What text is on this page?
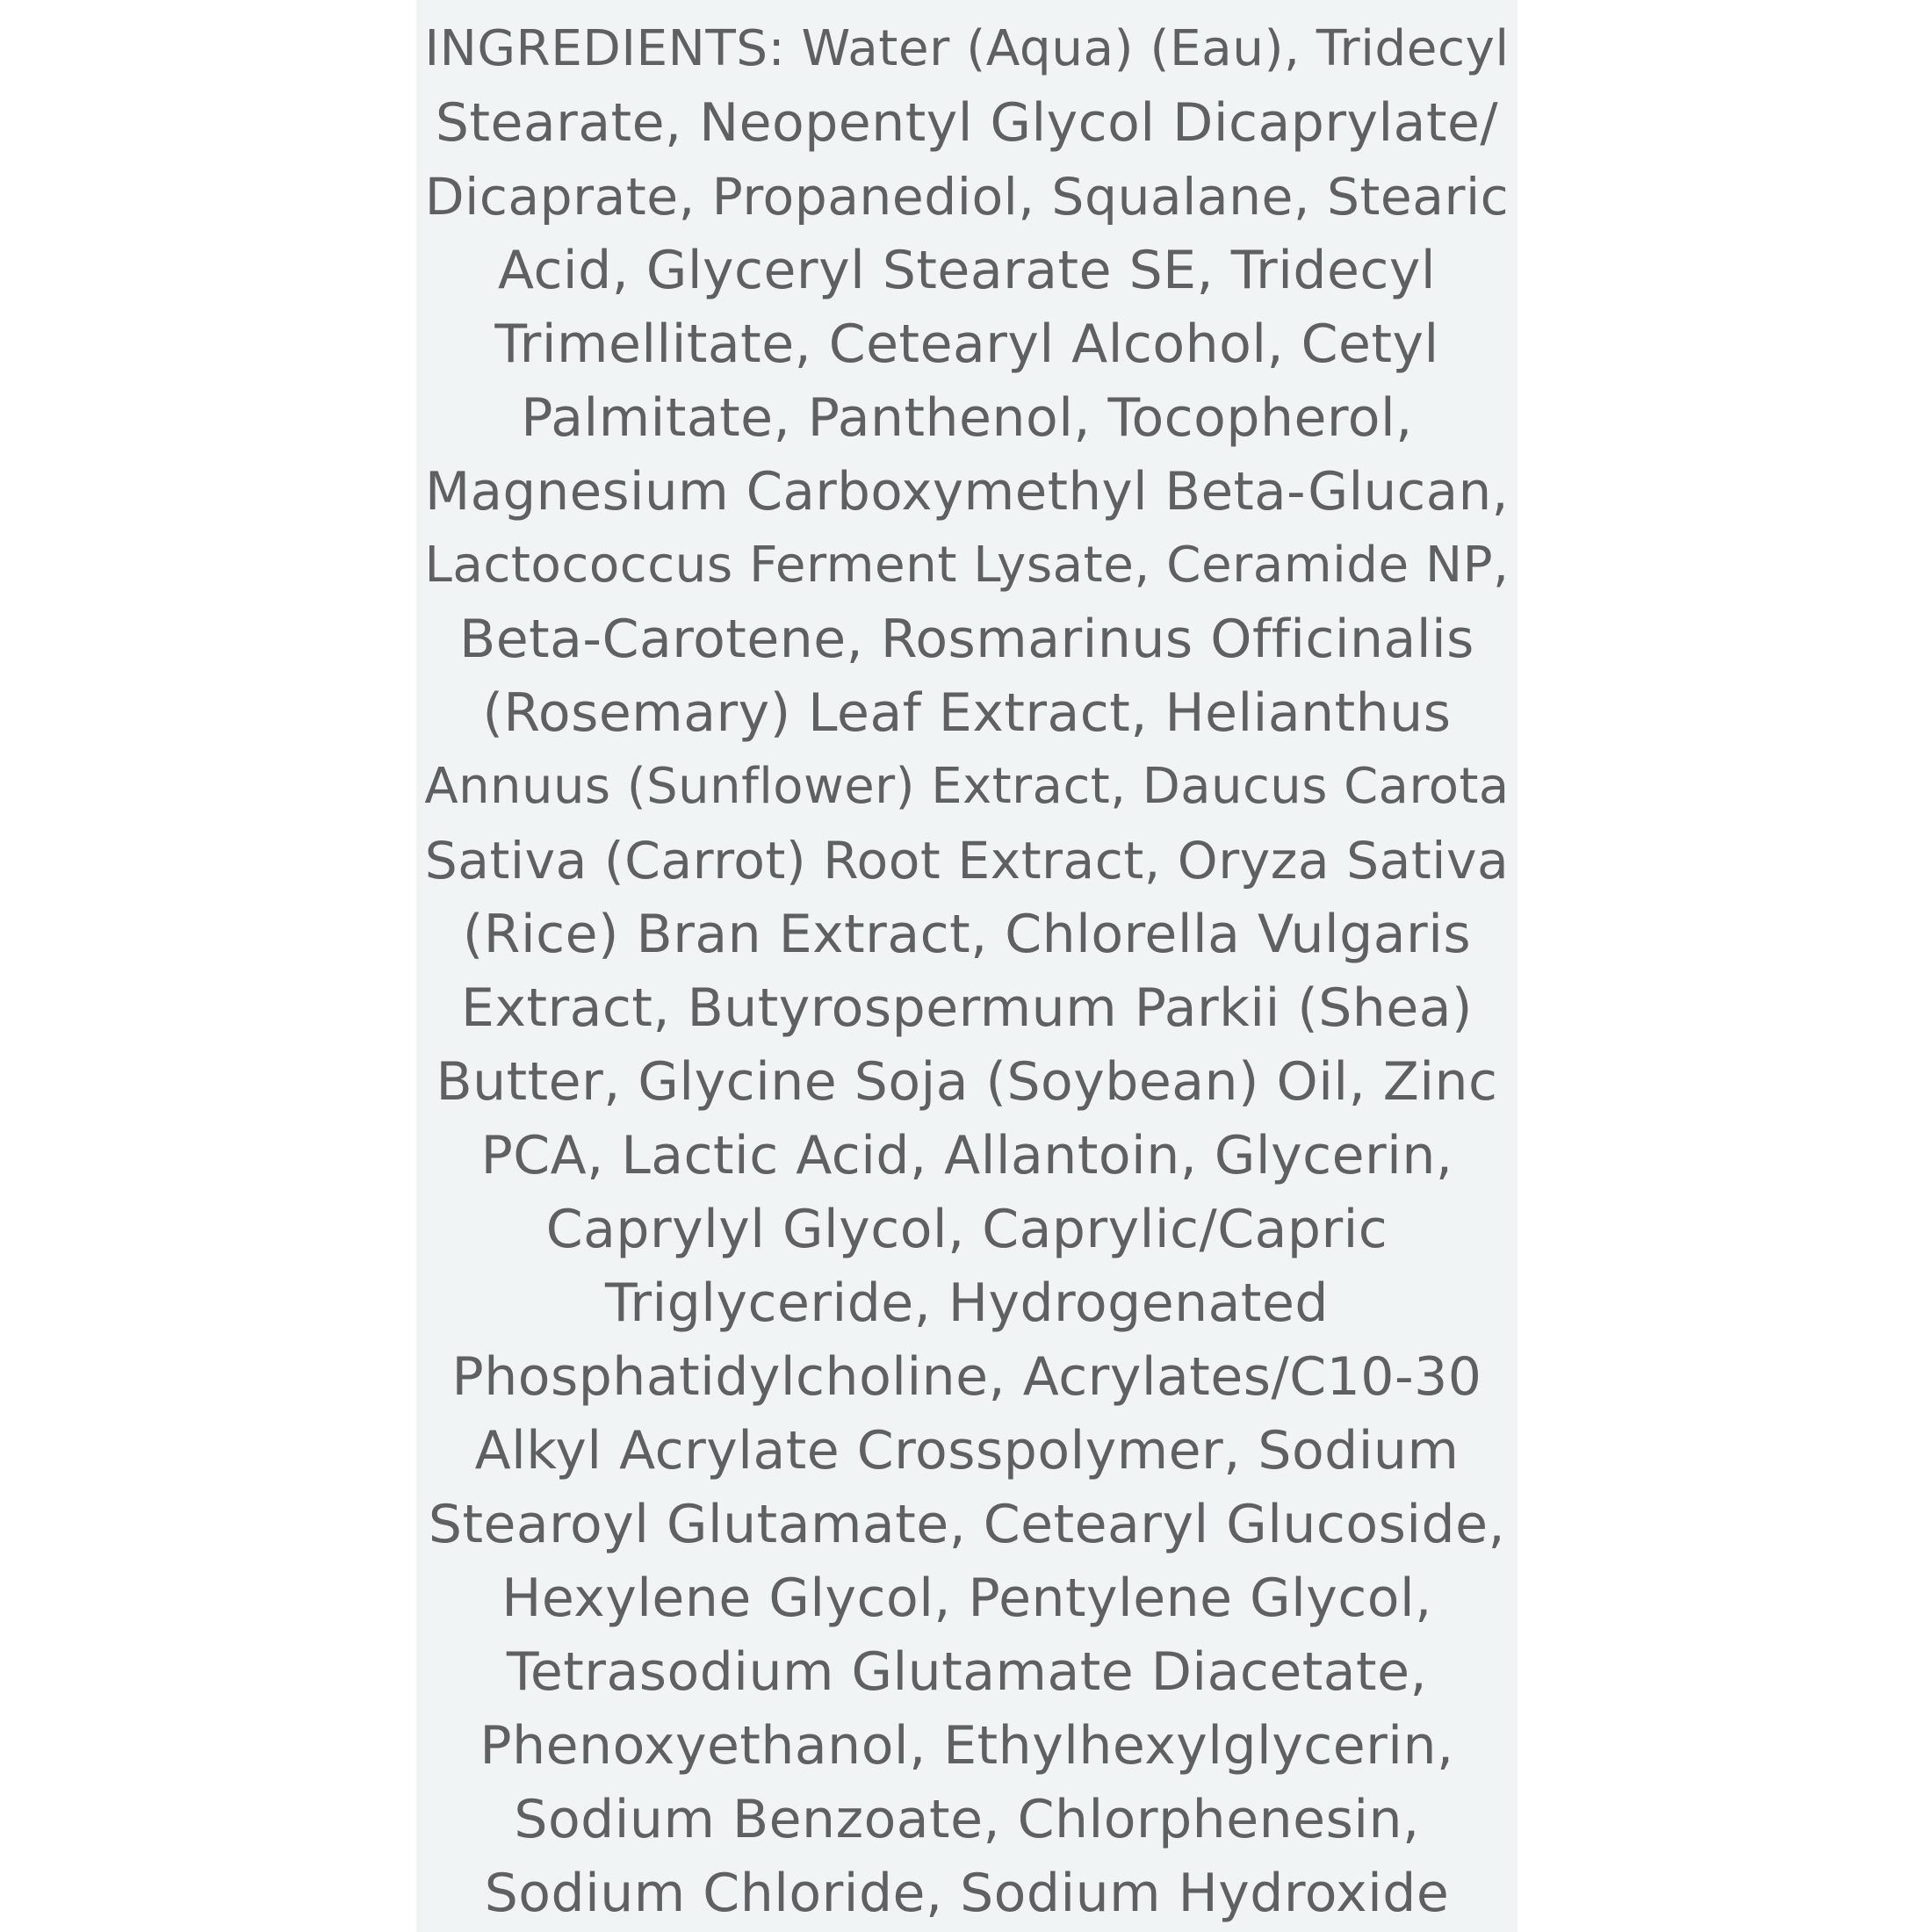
INGREDIENTS: Water (Aqua) (Eau), Tridecyl
Stearate, Neopentyl Glycol Dicaprylate/
Dicaprate, Propanediol, Squalane, Stearic
Acid, Glyceryl Stearate SE, Tridecyl
Trimellitate, Cetearyl Alcohol, Cetyl
Palmitate, Panthenol, Tocopherol,
Magnesium Carboxymethyl Beta-Glucan,
Lactococcus Ferment Lysate, Ceramide NP,
Beta-Carotene, Rosmarinus Officinalis
(Rosemary) Leaf Extract, Helianthus
Annuus (Sunflower) Extract, Daucus Carota
Sativa (Carrot) Root Extract, Oryza Sativa
(Rice) Bran Extract, Chlorella Vulgaris
Extract, Butyrospermum Parkii (Shea)
Butter, Glycine Soja (Soybean) Oil, Zinc
PCA, Lactic Acid, Allantoin, Glycerin,
Caprylyl Glycol, Caprylic/Capric
Triglyceride, Hydrogenated
Phosphatidylcholine, Acrylates/C10-30
Alkyl Acrylate Crosspolymer, Sodium
Stearoyl Glutamate, Cetearyl Glucoside,
Hexylene Glycol, Pentylene Glycol,
Tetrasodium Glutamate Diacetate,
Phenoxyethanol, Ethylhexylglycerin,
Sodium Benzoate, Chlorphenesin,
Sodium Chloride, Sodium Hydroxide
